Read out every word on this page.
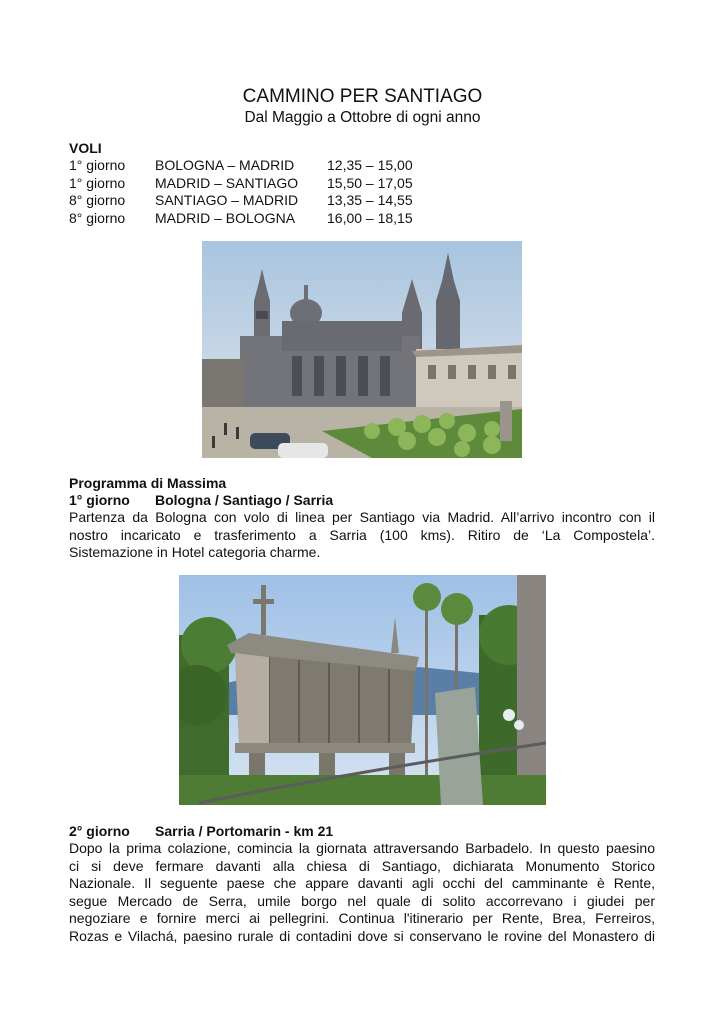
CAMMINO PER SANTIAGO
Dal Maggio a Ottobre di ogni anno
VOLI
1° giorno	BOLOGNA – MADRID	12,35 – 15,00
1° giorno	MADRID – SANTIAGO	15,50 – 17,05
8° giorno	SANTIAGO – MADRID	13,35 – 14,55
8° giorno	MADRID – BOLOGNA	16,00 – 18,15
Programma di Massima
1° giorno Bologna / Santiago / Sarria
Partenza da Bologna con volo di linea per Santiago via Madrid. All’arrivo incontro con il
nostro incaricato e trasferimento a Sarria (100 kms). Ritiro de ‘La Compostela’.
Sistemazione in Hotel categoria charme.
2° giorno Sarria / Portomarin - km 21
Dopo la prima colazione, comincia la giornata attraversando Barbadelo. In questo paesino
ci si deve fermare davanti alla chiesa di Santiago, dichiarata Monumento Storico
Nazionale. Il seguente paese che appare davanti agli occhi del camminante è Rente,
segue Mercado de Serra, umile borgo nel quale di solito accorrevano i giudei per
negoziare e fornire merci ai pellegrini. Continua l'itinerario per Rente, Brea, Ferreiros,
Rozas e Vilachá, paesino rurale di contadini dove si conservano le rovine del Monastero di
